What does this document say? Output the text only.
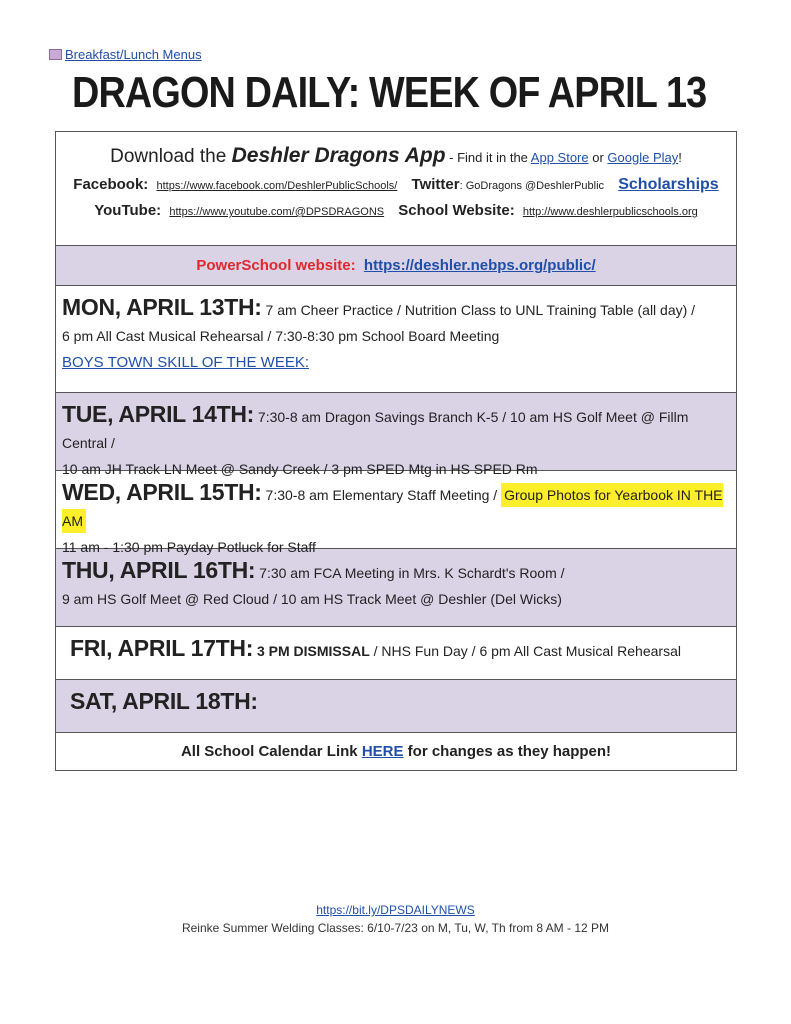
Breakfast/Lunch Menus
DRAGON DAILY: WEEK OF APRIL 13
Download the Deshler Dragons App - Find it in the App Store or Google Play!
Facebook: https://www.facebook.com/DeshlerPublicSchools/ Twitter: GoDragons @DeshlerPublic Scholarships
YouTube: https://www.youtube.com/@DPSDRAGONS School Website: http://www.deshlerpublicschools.org
PowerSchool website: https://deshler.nebps.org/public/
MON, APRIL 13TH: 7 am Cheer Practice / Nutrition Class to UNL Training Table (all day) /
6 pm All Cast Musical Rehearsal / 7:30-8:30 pm School Board Meeting
BOYS TOWN SKILL OF THE WEEK:
TUE, APRIL 14TH: 7:30-8 am Dragon Savings Branch K-5 / 10 am HS Golf Meet @ Fillm Central /
10 am JH Track LN Meet @ Sandy Creek / 3 pm SPED Mtg in HS SPED Rm
WED, APRIL 15TH: 7:30-8 am Elementary Staff Meeting / Group Photos for Yearbook IN THE AM
11 am - 1:30 pm Payday Potluck for Staff
THU, APRIL 16TH: 7:30 am FCA Meeting in Mrs. K Schardt's Room /
9 am HS Golf Meet @ Red Cloud / 10 am HS Track Meet @ Deshler (Del Wicks)
FRI, APRIL 17TH: 3 PM DISMISSAL / NHS Fun Day / 6 pm All Cast Musical Rehearsal
SAT, APRIL 18TH:
All School Calendar Link HERE for changes as they happen!
https://bit.ly/DPSDAILYNEWS
Reinke Summer Welding Classes: 6/10-7/23 on M, Tu, W, Th from 8 AM - 12 PM
